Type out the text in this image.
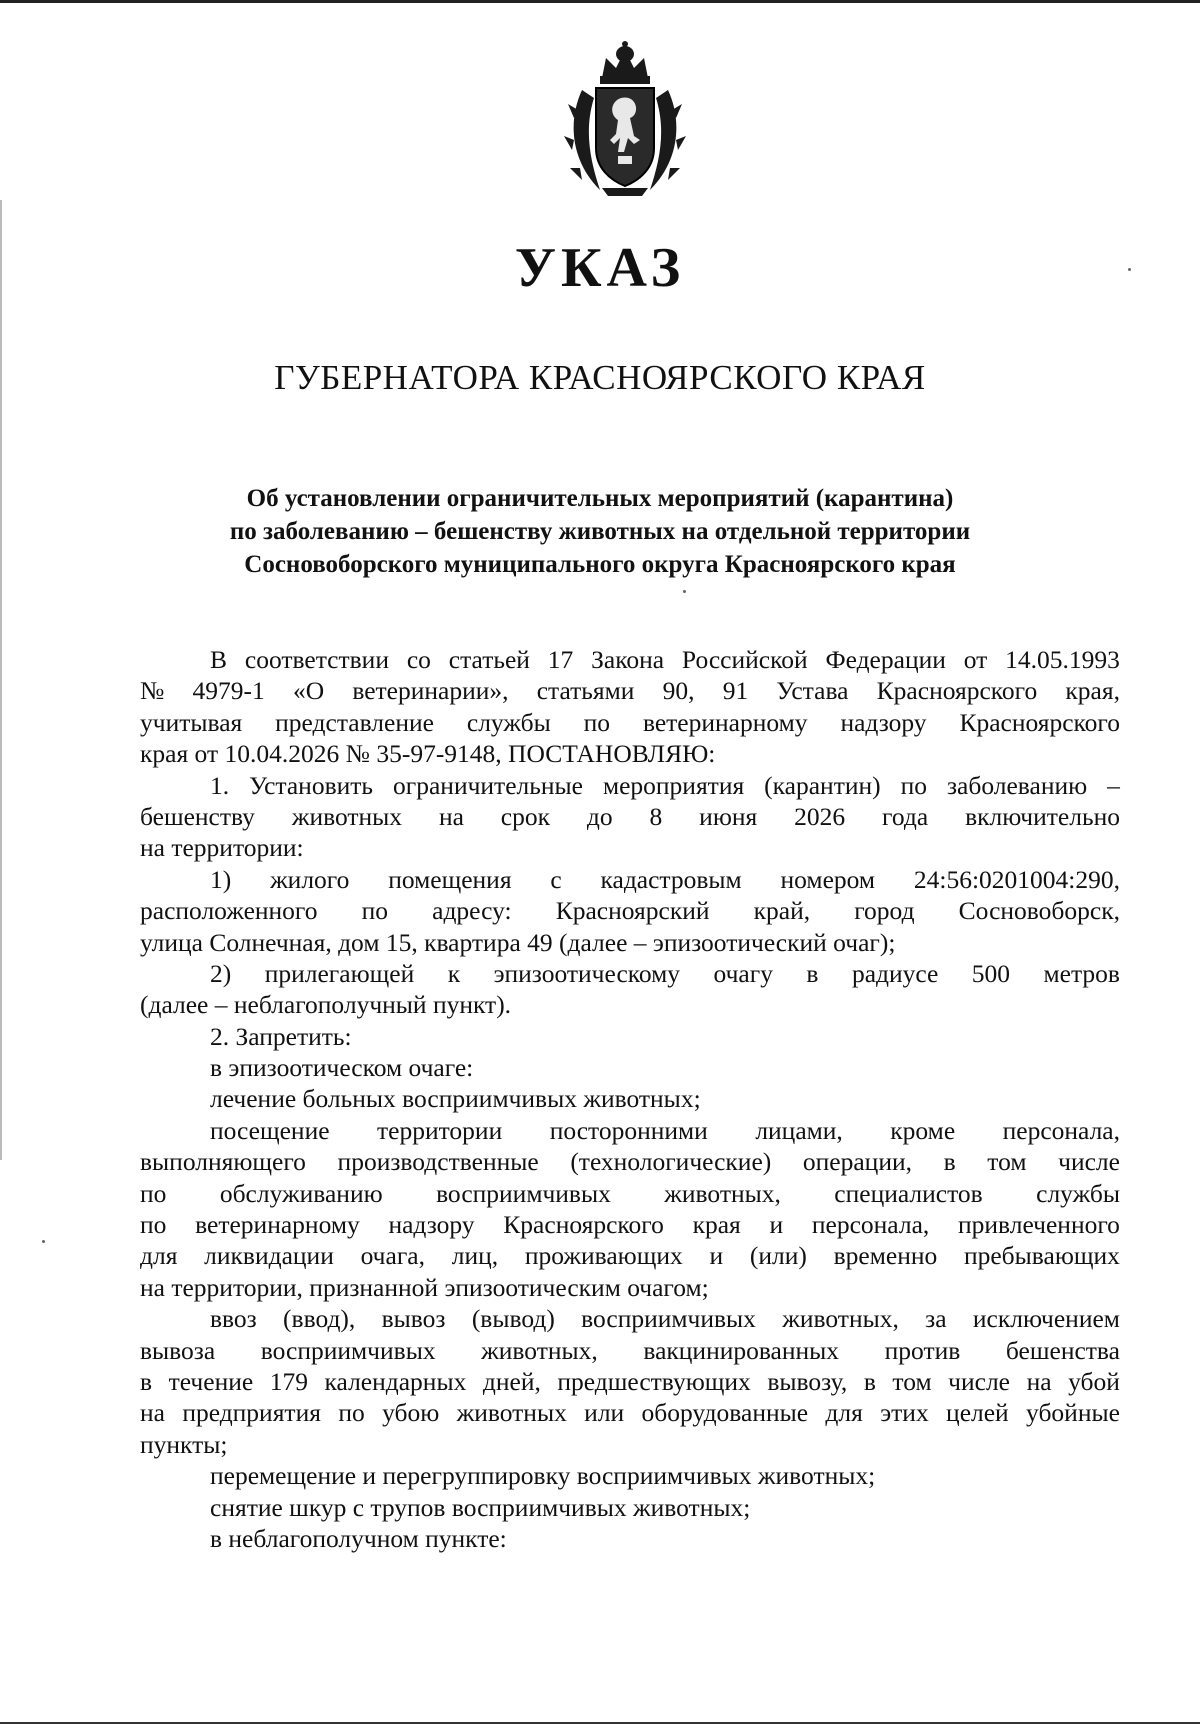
УКАЗ
ГУБЕРНАТОРА КРАСНОЯРСКОГО КРАЯ
Об установлении ограничительных мероприятий (карантина)
по заболеванию – бешенству животных на отдельной территории
Сосновоборского муниципального округа Красноярского края
В соответствии со статьей 17 Закона Российской Федерации от 14.05.1993
№ 4979-1 «О ветеринарии», статьями 90, 91 Устава Красноярского края,
учитывая представление службы по ветеринарному надзору Красноярского
края от 10.04.2026 № 35-97-9148, ПОСТАНОВЛЯЮ:
1. Установить ограничительные мероприятия (карантин) по заболеванию –
бешенству животных на срок до 8 июня 2026 года включительно
на территории:
1) жилого помещения с кадастровым номером 24:56:0201004:290,
расположенного по адресу: Красноярский край, город Сосновоборск,
улица Солнечная, дом 15, квартира 49 (далее – эпизоотический очаг);
2) прилегающей к эпизоотическому очагу в радиусе 500 метров
(далее – неблагополучный пункт).
2. Запретить:
в эпизоотическом очаге:
лечение больных восприимчивых животных;
посещение территории посторонними лицами, кроме персонала,
выполняющего производственные (технологические) операции, в том числе
по обслуживанию восприимчивых животных, специалистов службы
по ветеринарному надзору Красноярского края и персонала, привлеченного
для ликвидации очага, лиц, проживающих и (или) временно пребывающих
на территории, признанной эпизоотическим очагом;
ввоз (ввод), вывоз (вывод) восприимчивых животных, за исключением
вывоза восприимчивых животных, вакцинированных против бешенства
в течение 179 календарных дней, предшествующих вывозу, в том числе на убой
на предприятия по убою животных или оборудованные для этих целей убойные
пункты;
перемещение и перегруппировку восприимчивых животных;
снятие шкур с трупов восприимчивых животных;
в неблагополучном пункте:
